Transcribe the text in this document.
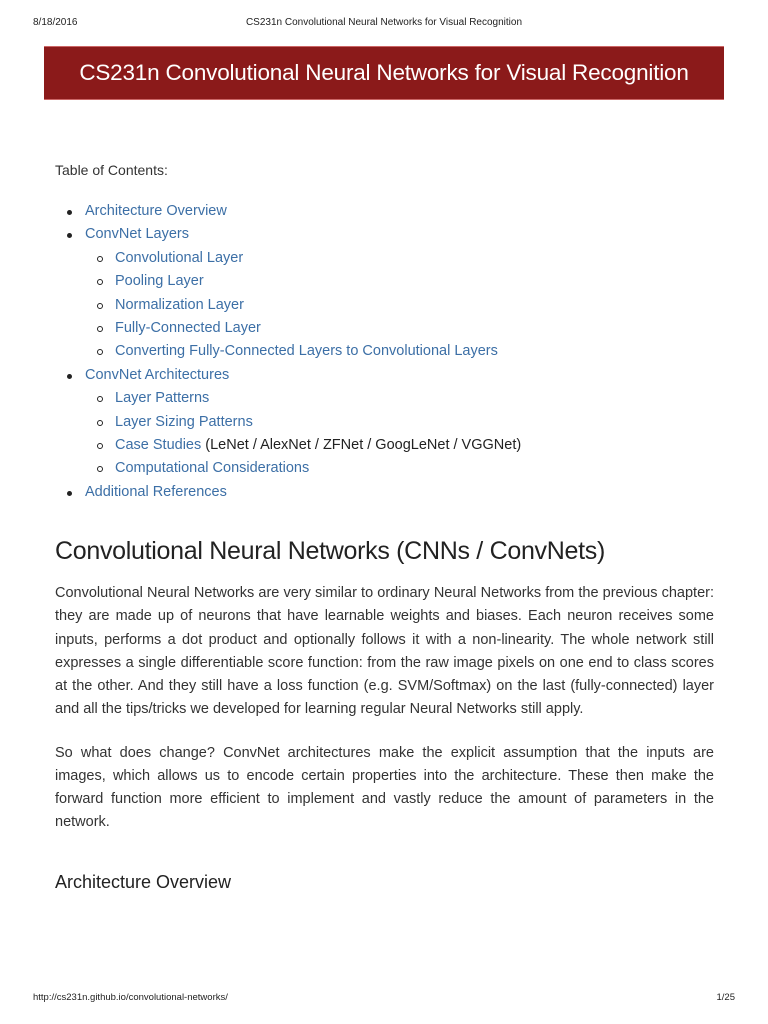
8/18/2016	CS231n Convolutional Neural Networks for Visual Recognition
CS231n Convolutional Neural Networks for Visual Recognition
Table of Contents:
Architecture Overview
ConvNet Layers
Convolutional Layer
Pooling Layer
Normalization Layer
Fully-Connected Layer
Converting Fully-Connected Layers to Convolutional Layers
ConvNet Architectures
Layer Patterns
Layer Sizing Patterns
Case Studies (LeNet / AlexNet / ZFNet / GoogLeNet / VGGNet)
Computational Considerations
Additional References
Convolutional Neural Networks (CNNs / ConvNets)

Convolutional Neural Networks are very similar to ordinary Neural Networks from the previous chapter: they are made up of neurons that have learnable weights and biases. Each neuron receives some inputs, performs a dot product and optionally follows it with a non-linearity. The whole network still expresses a single differentiable score function: from the raw image pixels on one end to class scores at the other. And they still have a loss function (e.g. SVM/Softmax) on the last (fully-connected) layer and all the tips/tricks we developed for learning regular Neural Networks still apply.

So what does change? ConvNet architectures make the explicit assumption that the inputs are images, which allows us to encode certain properties into the architecture. These then make the forward function more efficient to implement and vastly reduce the amount of parameters in the network.

Architecture Overview
http://cs231n.github.io/convolutional-networks/	1/25
